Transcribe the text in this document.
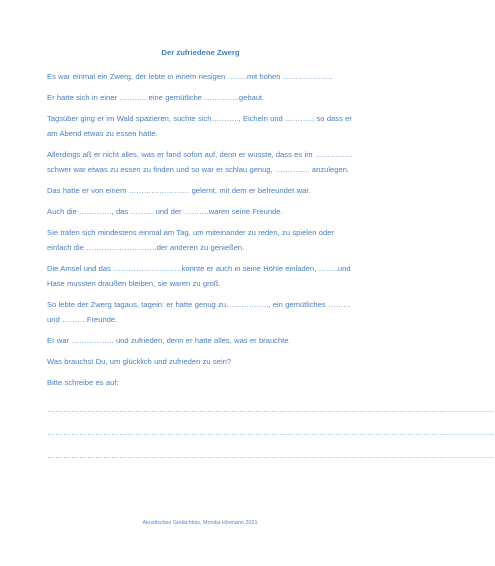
Der zufriedene Zwerg

Es war einmal ein Zwerg, der lebte in einem riesigen ……..mit hohen ………………..

Er hatte sich in einer ……….. eine gemütliche …………..gebaut.

Tagsüber ging er im Wald spazieren, suchte sich……….., Eicheln und ……….., so dass er am Abend etwas zu essen hatte.

Allerdings aß er nicht alles, was er fand sofort auf, denn er wusste, dass es im ……………schwer war etwas zu essen zu finden und so war er schlau genug, ………….. anzulegen.

Das hatte er von einem …………………… gelernt, mit dem er befreundet war.

Auch die …………., das ……… und der ……….waren seine Freunde.

Sie trafen sich mindestens einmal am Tag, um miteinander zu reden, zu spielen oder einfach die ……………………….der anderen zu genießen.

Die Amsel und das ………………………konnte er auch in seine Höhle einladen, ……..und Hase mussten draußen bleiben, sie waren zu groß.

So lebte der Zwerg tagaus, tagein: er hatte genug zu…………….., ein gemütliches ……… und ……….Freunde.

Er war …………….. und zufrieden, denn er hatte alles, was er brauchte.

Was brauchst Du, um glücklich und zufrieden zu sein?

Bitte schreibe es auf:

……………………………………………………………………………………………………………………………………………………
……………………………………………………………………………………………………………………………………………………
……………………………………………………………………………………………………………………………………………………
Akustisches Gedächtnis, Monika Hörmann 2021
